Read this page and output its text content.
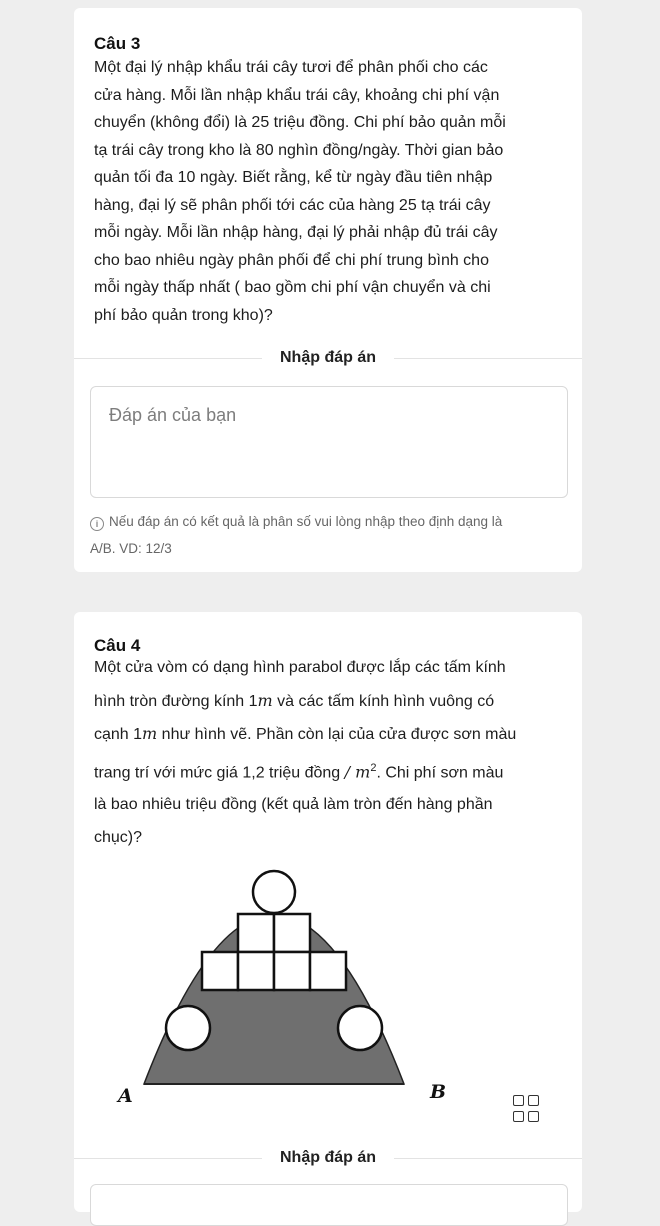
Câu 3
Một đại lý nhập khẩu trái cây tươi để phân phối cho các
cửa hàng. Mỗi lần nhập khẩu trái cây, khoảng chi phí vận
chuyển (không đổi) là 25 triệu đồng. Chi phí bảo quản mỗi
tạ trái cây trong kho là 80 nghìn đồng/ngày. Thời gian bảo
quản tối đa 10 ngày. Biết rằng, kể từ ngày đầu tiên nhập
hàng, đại lý sẽ phân phối tới các của hàng 25 tạ trái cây
mỗi ngày. Mỗi lần nhập hàng, đại lý phải nhập đủ trái cây
cho bao nhiêu ngày phân phối để chi phí trung bình cho
mỗi ngày thấp nhất ( bao gồm chi phí vận chuyển và chi
phí bảo quản trong kho)?
Nhập đáp án
Đáp án của bạn
i Nếu đáp án có kết quả là phân số vui lòng nhập theo định dạng là
A/B. VD: 12/3
Câu 4
Một cửa vòm có dạng hình parabol được lắp các tấm kính
hình tròn đường kính 1m và các tấm kính hình vuông có
cạnh 1m như hình vẽ. Phần còn lại của cửa được sơn màu
trang trí với mức giá 1,2 triệu đồng / $m^2$. Chi phí sơn màu
là bao nhiêu triệu đồng (kết quả làm tròn đến hàng phần
chục)?
A	B
Nhập đáp án
